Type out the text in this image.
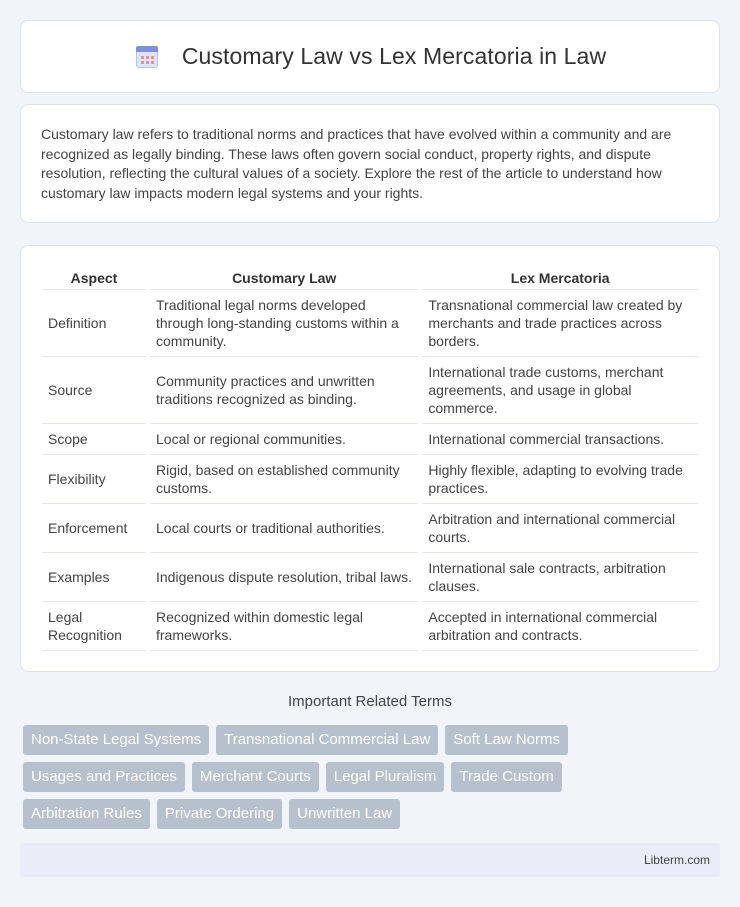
Customary Law vs Lex Mercatoria in Law

Customary law refers to traditional norms and practices that have evolved within a community and are recognized as legally binding. These laws often govern social conduct, property rights, and dispute resolution, reflecting the cultural values of a society. Explore the rest of the article to understand how customary law impacts modern legal systems and your rights.

Aspect	Customary Law	Lex Mercatoria
Definition	Traditional legal norms developed through long-standing customs within a community.	Transnational commercial law created by merchants and trade practices across borders.
Source	Community practices and unwritten traditions recognized as binding.	International trade customs, merchant agreements, and usage in global commerce.
Scope	Local or regional communities.	International commercial transactions.
Flexibility	Rigid, based on established community customs.	Highly flexible, adapting to evolving trade practices.
Enforcement	Local courts or traditional authorities.	Arbitration and international commercial courts.
Examples	Indigenous dispute resolution, tribal laws.	International sale contracts, arbitration clauses.
Legal Recognition	Recognized within domestic legal frameworks.	Accepted in international commercial arbitration and contracts.
Important Related Terms
Non-State Legal Systems	Transnational Commercial Law	Soft Law Norms
Usages and Practices	Merchant Courts	Legal Pluralism	Trade Custom
Arbitration Rules	Private Ordering	Unwritten Law
Libterm.com
